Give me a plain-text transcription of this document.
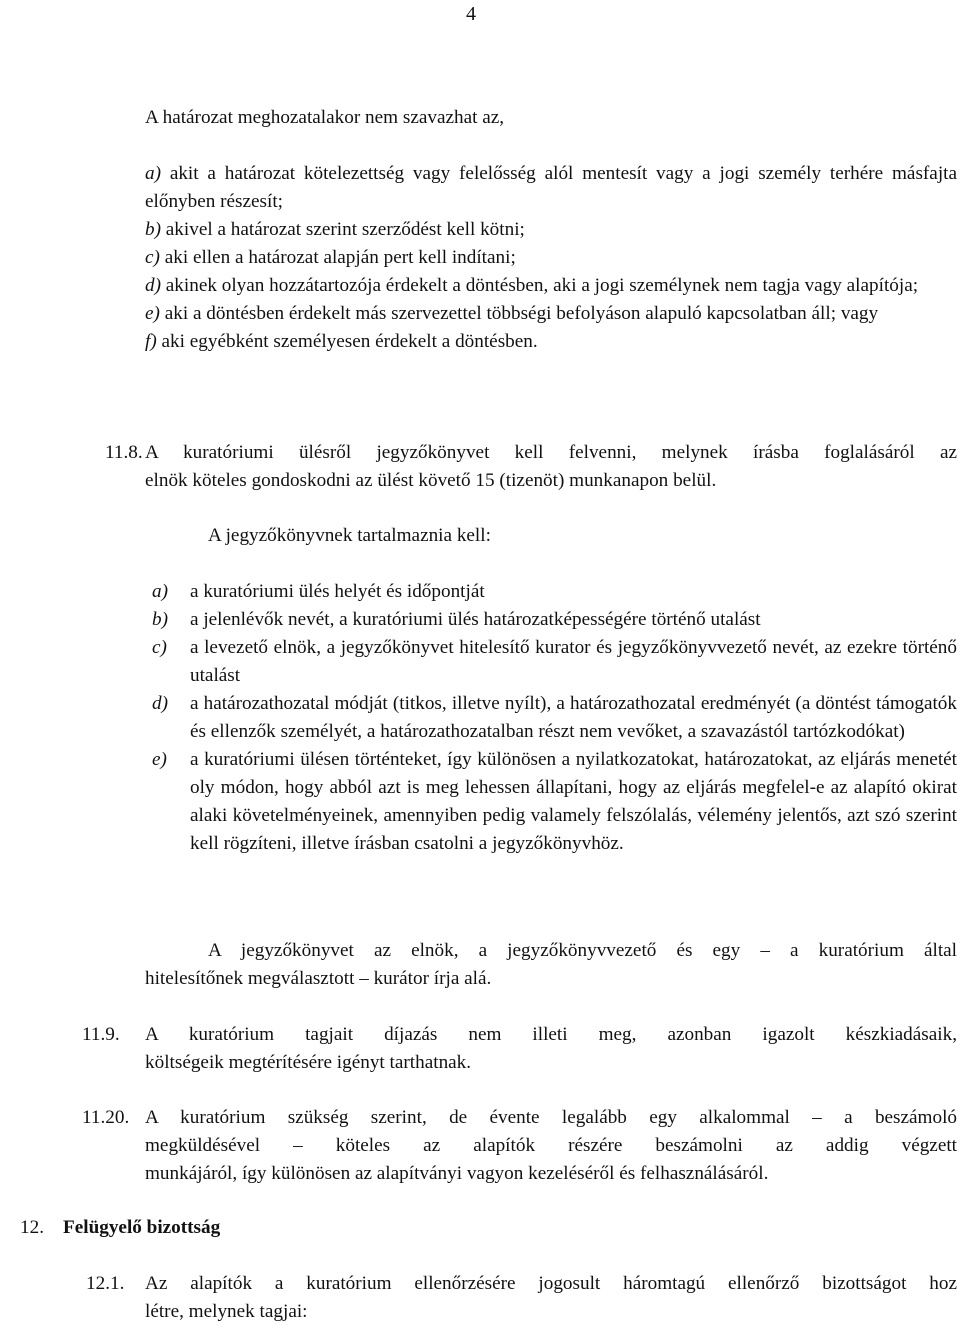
4
A határozat meghozatalakor nem szavazhat az,
a) akit a határozat kötelezettség vagy felelősség alól mentesít vagy a jogi személy terhére másfajta előnyben részesít;
b) akivel a határozat szerint szerződést kell kötni;
c) aki ellen a határozat alapján pert kell indítani;
d) akinek olyan hozzátartozója érdekelt a döntésben, aki a jogi személynek nem tagja vagy alapítója;
e) aki a döntésben érdekelt más szervezettel többségi befolyáson alapuló kapcsolatban áll; vagy
f) aki egyébként személyesen érdekelt a döntésben.
11.8. A kuratóriumi ülésről jegyzőkönyvet kell felvenni, melynek írásba foglalásáról az
elnök köteles gondoskodni az ülést követő 15 (tizenöt) munkanapon belül.
A jegyzőkönyvnek tartalmaznia kell:
a) a kuratóriumi ülés helyét és időpontját
b) a jelenlévők nevét, a kuratóriumi ülés határozatképességére történő utalást
c) a levezető elnök, a jegyzőkönyvet hitelesítő kurator és jegyzőkönyvvezető nevét, az ezekre történő utalást
d) a határozathozatal módját (titkos, illetve nyílt), a határozathozatal eredményét (a döntést támogatók és ellenzők személyét, a határozathozatalban részt nem vevőket, a szavazástól tartózkodókat)
e) a kuratóriumi ülésen történteket, így különösen a nyilatkozatokat, határozatokat, az eljárás menetét oly módon, hogy abból azt is meg lehessen állapítani, hogy az eljárás megfelel-e az alapító okirat alaki követelményeinek, amennyiben pedig valamely felszólalás, vélemény jelentős, azt szó szerint kell rögzíteni, illetve írásban csatolni a jegyzőkönyvhöz.
A jegyzőkönyvet az elnök, a jegyzőkönyvvezető és egy – a kuratórium által
hitelesítőnek megválasztott – kurátor írja alá.
11.9.	A kuratórium tagjait díjazás nem illeti meg, azonban igazolt készkiadásaik,
költségeik megtérítésére igényt tarthatnak.
11.20. A kuratórium szükség szerint, de évente legalább egy alkalommal – a beszámoló
megküldésével – köteles az alapítók részére beszámolni az addig végzett
munkájáról, így különösen az alapítványi vagyon kezeléséről és felhasználásáról.
12. Felügyelő bizottság
12.1.	Az alapítók a kuratórium ellenőrzésére jogosult háromtagú ellenőrző bizottságot hoz
létre, melynek tagjai:
